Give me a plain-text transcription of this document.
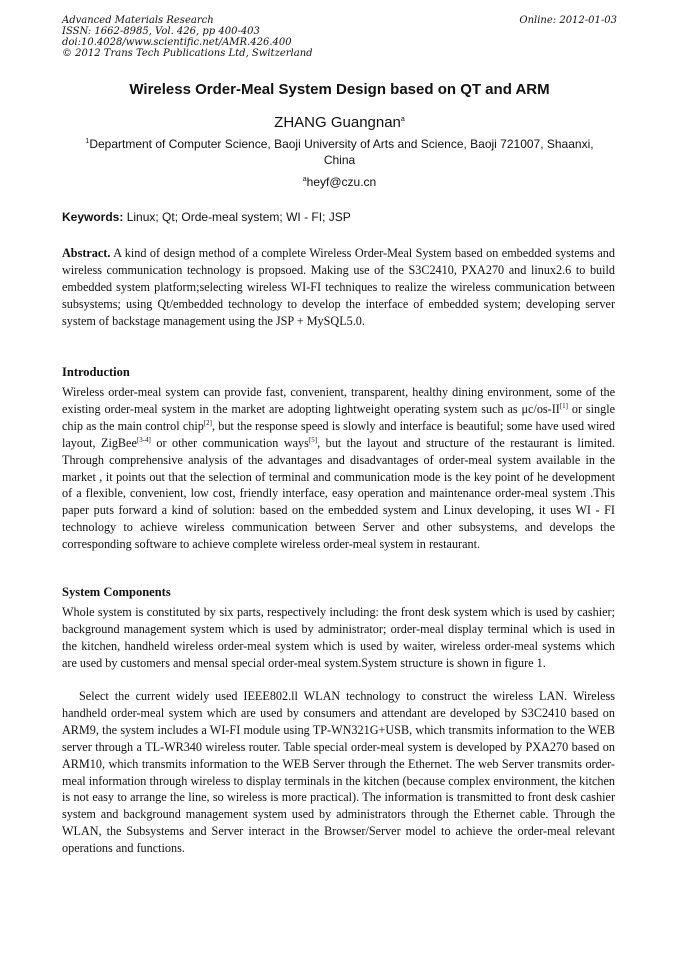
Advanced Materials Research
ISSN: 1662-8985, Vol. 426, pp 400-403
doi:10.4028/www.scientific.net/AMR.426.400
© 2012 Trans Tech Publications Ltd, Switzerland
Online: 2012-01-03
Wireless Order-Meal System Design based on QT and ARM
ZHANG Guangnan$^a$
$^1$Department of Computer Science, Baoji University of Arts and Science, Baoji 721007, Shaanxi,
China
$^a$heyf@czu.cn
Keywords: Linux; Qt; Orde-meal system; WI - FI; JSP

Abstract. A kind of design method of a complete Wireless Order-Meal System based on embedded systems and wireless communication technology is propsoed. Making use of the S3C2410, PXA270 and linux2.6 to build embedded system platform;selecting wireless WI-FI techniques to realize the wireless communication between subsystems; using Qt/embedded technology to develop the interface of embedded system; developing server system of backstage management using the JSP + MySQL5.0.

Introduction

Wireless order-meal system can provide fast, convenient, transparent, healthy dining environment, some of the existing order-meal system in the market are adopting lightweight operating system such as μc/os-II[1] or single chip as the main control chip[2], but the response speed is slowly and interface is beautiful; some have used wired layout, ZigBee[3-4] or other communication ways[5], but the layout and structure of the restaurant is limited. Through comprehensive analysis of the advantages and disadvantages of order-meal system available in the market , it points out that the selection of terminal and communication mode is the key point of he development of a flexible, convenient, low cost, friendly interface, easy operation and maintenance order-meal system .This paper puts forward a kind of solution: based on the embedded system and Linux developing, it uses WI - FI technology to achieve wireless communication between Server and other subsystems, and develops the corresponding software to achieve complete wireless order-meal system in restaurant.

System Components

Whole system is constituted by six parts, respectively including: the front desk system which is used by cashier; background management system which is used by administrator; order-meal display terminal which is used in the kitchen, handheld wireless order-meal system which is used by waiter, wireless order-meal systems which are used by customers and mensal special order-meal system.System structure is shown in figure 1.

Select the current widely used IEEE802.ll WLAN technology to construct the wireless LAN. Wireless handheld order-meal system which are used by consumers and attendant are developed by S3C2410 based on ARM9, the system includes a WI-FI module using TP-WN321G+USB, which transmits information to the WEB server through a TL-WR340 wireless router. Table special order-meal system is developed by PXA270 based on ARM10, which transmits information to the WEB Server through the Ethernet. The web Server transmits order-meal information through wireless to display terminals in the kitchen (because complex environment, the kitchen is not easy to arrange the line, so wireless is more practical). The information is transmitted to front desk cashier system and background management system used by administrators through the Ethernet cable. Through the WLAN, the Subsystems and Server interact in the Browser/Server model to achieve the order-meal relevant operations and functions.
